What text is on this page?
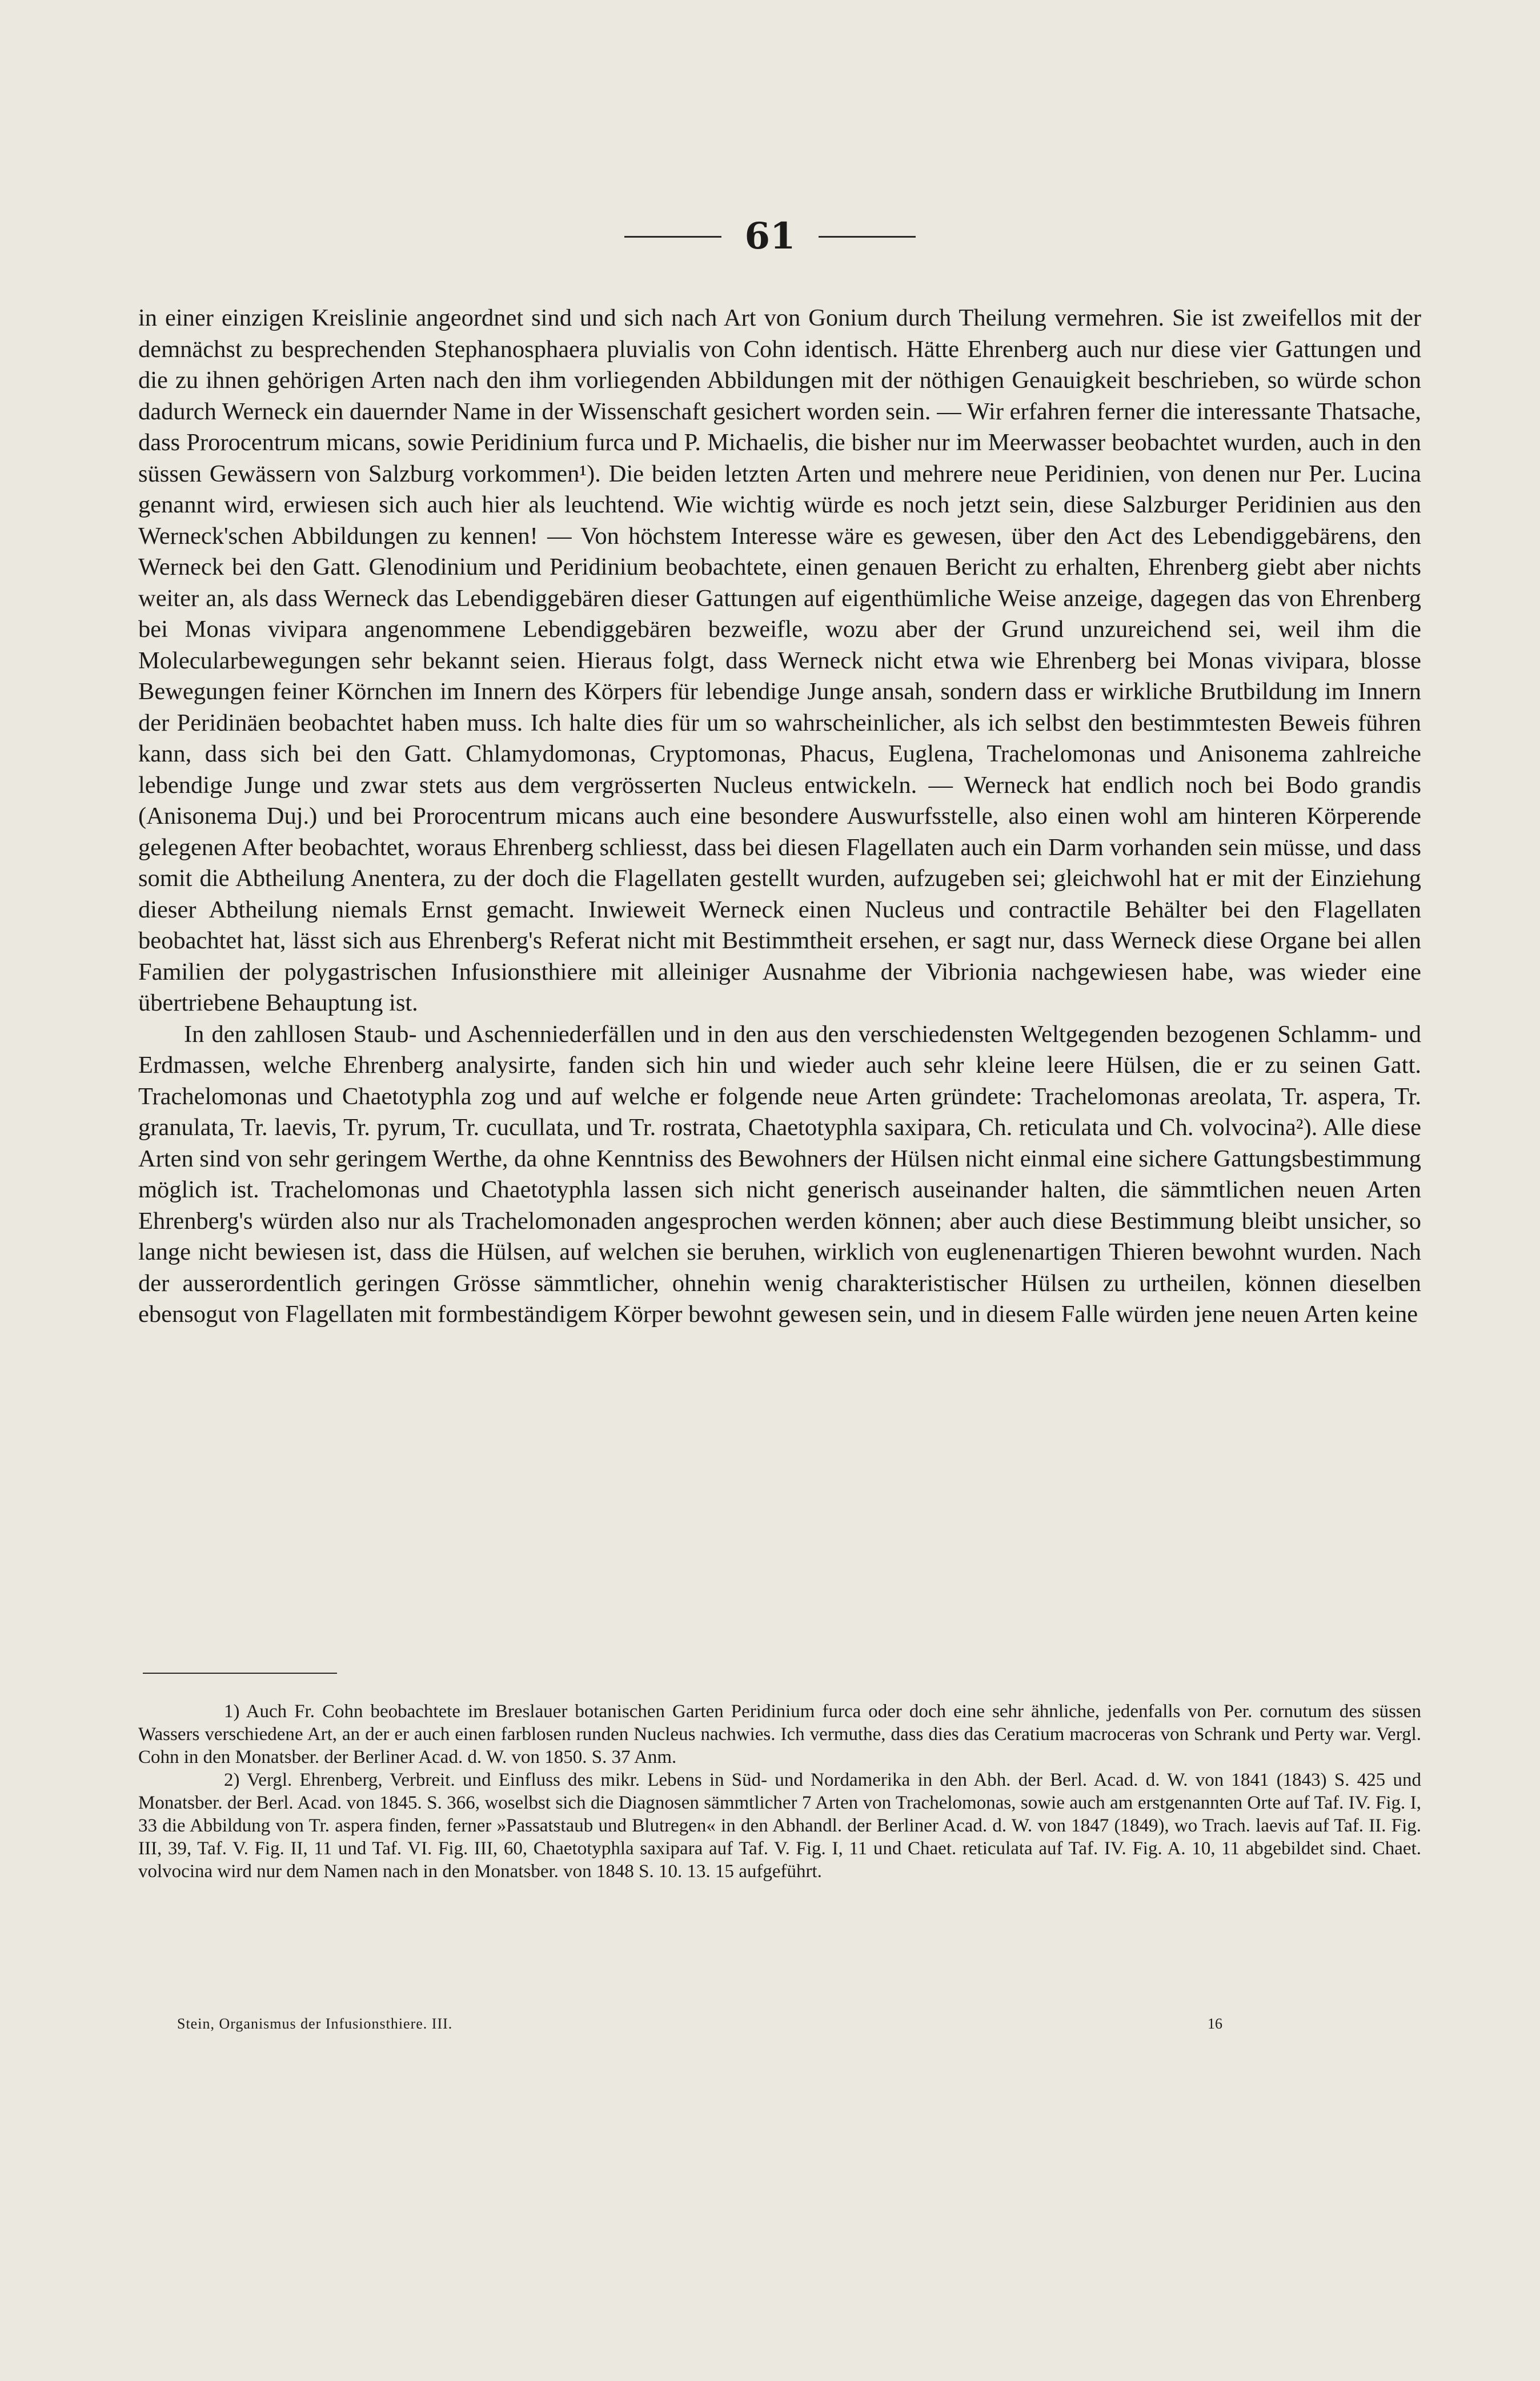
61

in einer einzigen Kreislinie angeordnet sind und sich nach Art von Gonium durch Theilung vermehren. Sie ist zweifellos mit der demnächst zu besprechenden Stephanosphaera pluvialis von Cohn identisch. Hätte Ehrenberg auch nur diese vier Gattungen und die zu ihnen gehörigen Arten nach den ihm vorliegenden Abbildungen mit der nöthigen Genauigkeit beschrieben, so würde schon dadurch Werneck ein dauernder Name in der Wissenschaft gesichert worden sein. — Wir erfahren ferner die interessante Thatsache, dass Prorocentrum micans, sowie Peridinium furca und P. Michaelis, die bisher nur im Meerwasser beobachtet wurden, auch in den süssen Gewässern von Salzburg vorkommen¹). Die beiden letzten Arten und mehrere neue Peridinien, von denen nur Per. Lucina genannt wird, erwiesen sich auch hier als leuchtend. Wie wichtig würde es noch jetzt sein, diese Salzburger Peridinien aus den Werneck'schen Abbildungen zu kennen! — Von höchstem Interesse wäre es gewesen, über den Act des Lebendiggebärens, den Werneck bei den Gatt. Glenodinium und Peridinium beobachtete, einen genauen Bericht zu erhalten, Ehrenberg giebt aber nichts weiter an, als dass Werneck das Lebendiggebären dieser Gattungen auf eigenthümliche Weise anzeige, dagegen das von Ehrenberg bei Monas vivipara angenommene Lebendiggebären bezweifle, wozu aber der Grund unzureichend sei, weil ihm die Molecularbewegungen sehr bekannt seien. Hieraus folgt, dass Werneck nicht etwa wie Ehrenberg bei Monas vivipara, blosse Bewegungen feiner Körnchen im Innern des Körpers für lebendige Junge ansah, sondern dass er wirkliche Brutbildung im Innern der Peridinäen beobachtet haben muss. Ich halte dies für um so wahrscheinlicher, als ich selbst den bestimmtesten Beweis führen kann, dass sich bei den Gatt. Chlamydomonas, Cryptomonas, Phacus, Euglena, Trachelomonas und Anisonema zahlreiche lebendige Junge und zwar stets aus dem vergrösserten Nucleus entwickeln. — Werneck hat endlich noch bei Bodo grandis (Anisonema Duj.) und bei Prorocentrum micans auch eine besondere Auswurfsstelle, also einen wohl am hinteren Körperende gelegenen After beobachtet, woraus Ehrenberg schliesst, dass bei diesen Flagellaten auch ein Darm vorhanden sein müsse, und dass somit die Abtheilung Anentera, zu der doch die Flagellaten gestellt wurden, aufzugeben sei; gleichwohl hat er mit der Einziehung dieser Abtheilung niemals Ernst gemacht. Inwieweit Werneck einen Nucleus und contractile Behälter bei den Flagellaten beobachtet hat, lässt sich aus Ehrenberg's Referat nicht mit Bestimmtheit ersehen, er sagt nur, dass Werneck diese Organe bei allen Familien der polygastrischen Infusionsthiere mit alleiniger Ausnahme der Vibrionia nachgewiesen habe, was wieder eine übertriebene Behauptung ist.

In den zahllosen Staub- und Aschenniederfällen und in den aus den verschiedensten Weltgegenden bezogenen Schlamm- und Erdmassen, welche Ehrenberg analysirte, fanden sich hin und wieder auch sehr kleine leere Hülsen, die er zu seinen Gatt. Trachelomonas und Chaetotyphla zog und auf welche er folgende neue Arten gründete: Trachelomonas areolata, Tr. aspera, Tr. granulata, Tr. laevis, Tr. pyrum, Tr. cucullata, und Tr. rostrata, Chaetotyphla saxipara, Ch. reticulata und Ch. volvocina²). Alle diese Arten sind von sehr geringem Werthe, da ohne Kenntniss des Bewohners der Hülsen nicht einmal eine sichere Gattungsbestimmung möglich ist. Trachelomonas und Chaetotyphla lassen sich nicht generisch auseinander halten, die sämmtlichen neuen Arten Ehrenberg's würden also nur als Trachelomonaden angesprochen werden können; aber auch diese Bestimmung bleibt unsicher, so lange nicht bewiesen ist, dass die Hülsen, auf welchen sie beruhen, wirklich von euglenenartigen Thieren bewohnt wurden. Nach der ausserordentlich geringen Grösse sämmtlicher, ohnehin wenig charakteristischer Hülsen zu urtheilen, können dieselben ebensogut von Flagellaten mit formbeständigem Körper bewohnt gewesen sein, und in diesem Falle würden jene neuen Arten keine

1) Auch Fr. Cohn beobachtete im Breslauer botanischen Garten Peridinium furca oder doch eine sehr ähnliche, jedenfalls von Per. cornutum des süssen Wassers verschiedene Art, an der er auch einen farblosen runden Nucleus nachwies. Ich vermuthe, dass dies das Ceratium macroceras von Schrank und Perty war. Vergl. Cohn in den Monatsber. der Berliner Acad. d. W. von 1850. S. 37 Anm.

2) Vergl. Ehrenberg, Verbreit. und Einfluss des mikr. Lebens in Süd- und Nordamerika in den Abh. der Berl. Acad. d. W. von 1841 (1843) S. 425 und Monatsber. der Berl. Acad. von 1845. S. 366, woselbst sich die Diagnosen sämmtlicher 7 Arten von Trachelomonas, sowie auch am erstgenannten Orte auf Taf. IV. Fig. I, 33 die Abbildung von Tr. aspera finden, ferner »Passatstaub und Blutregen« in den Abhandl. der Berliner Acad. d. W. von 1847 (1849), wo Trach. laevis auf Taf. II. Fig. III, 39, Taf. V. Fig. II, 11 und Taf. VI. Fig. III, 60, Chaetotyphla saxipara auf Taf. V. Fig. I, 11 und Chaet. reticulata auf Taf. IV. Fig. A. 10, 11 abgebildet sind. Chaet. volvocina wird nur dem Namen nach in den Monatsber. von 1848 S. 10. 13. 15 aufgeführt.

Stein, Organismus der Infusionsthiere. III.	16
